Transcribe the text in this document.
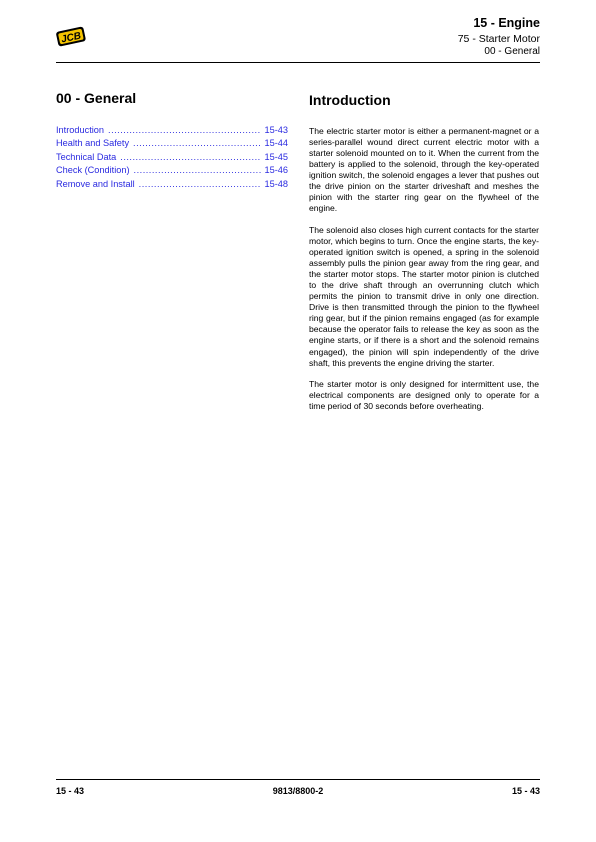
JCB
15 - Engine
75 - Starter Motor
00 - General
00 - General
Introduction .....	15-43
Health and Safety .....	15-44
Technical Data .....	15-45
Check (Condition) .....	15-46
Remove and Install .....	15-48
Introduction

The electric starter motor is either a permanent-magnet or a series-parallel wound direct current electric motor with a starter solenoid mounted on to it. When the current from the battery is applied to the solenoid, through the key-operated ignition switch, the solenoid engages a lever that pushes out the drive pinion on the starter driveshaft and meshes the pinion with the starter ring gear on the flywheel of the engine.

The solenoid also closes high current contacts for the starter motor, which begins to turn. Once the engine starts, the key-operated ignition switch is opened, a spring in the solenoid assembly pulls the pinion gear away from the ring gear, and the starter motor stops. The starter motor pinion is clutched to the drive shaft through an overrunning clutch which permits the pinion to transmit drive in only one direction. Drive is then transmitted through the pinion to the flywheel ring gear, but if the pinion remains engaged (as for example because the operator fails to release the key as soon as the engine starts, or if there is a short and the solenoid remains engaged), the pinion will spin independently of the drive shaft, this prevents the engine driving the starter.

The starter motor is only designed for intermittent use, the electrical components are designed only to operate for a time period of 30 seconds before overheating.

15 - 43	9813/8800-2	15 - 43
